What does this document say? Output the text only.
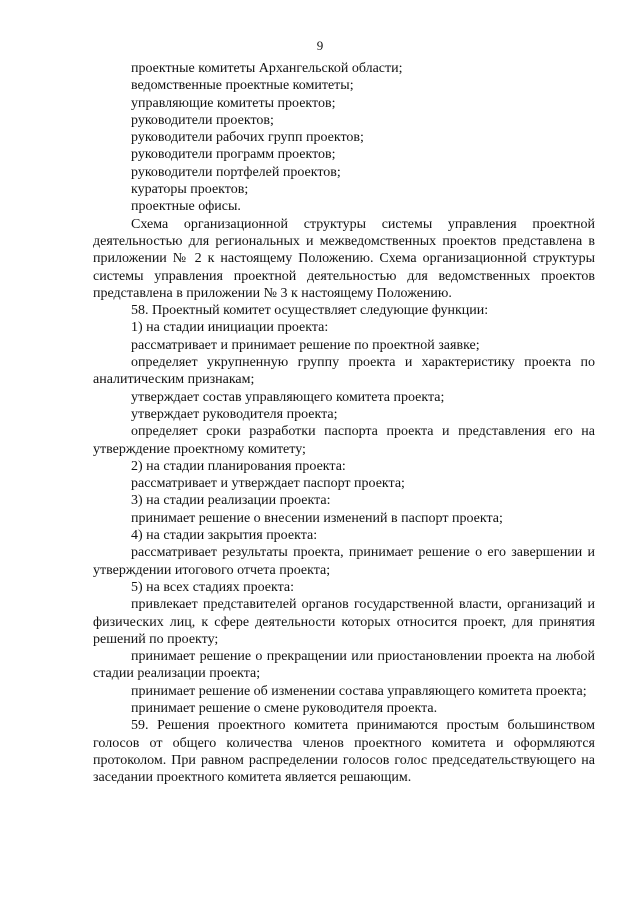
9

проектные комитеты Архангельской области;

ведомственные проектные комитеты;

управляющие комитеты проектов;

руководители проектов;

руководители рабочих групп проектов;

руководители программ проектов;

руководители портфелей проектов;

кураторы проектов;

проектные офисы.

Схема организационной структуры системы управления проектной деятельностью для региональных и межведомственных проектов представлена в приложении № 2 к настоящему Положению. Схема организационной структуры системы управления проектной деятельностью для ведомственных проектов представлена в приложении № 3 к настоящему Положению.

58. Проектный комитет осуществляет следующие функции:

1) на стадии инициации проекта:

рассматривает и принимает решение по проектной заявке;

определяет укрупненную группу проекта и характеристику проекта по аналитическим признакам;

утверждает состав управляющего комитета проекта;

утверждает руководителя проекта;

определяет сроки разработки паспорта проекта и представления его на утверждение проектному комитету;

2) на стадии планирования проекта:

рассматривает и утверждает паспорт проекта;

3) на стадии реализации проекта:

принимает решение о внесении изменений в паспорт проекта;

4) на стадии закрытия проекта:

рассматривает результаты проекта, принимает решение о его завершении и утверждении итогового отчета проекта;

5) на всех стадиях проекта:

привлекает представителей органов государственной власти, организаций и физических лиц, к сфере деятельности которых относится проект, для принятия решений по проекту;

принимает решение о прекращении или приостановлении проекта на любой стадии реализации проекта;

принимает решение об изменении состава управляющего комитета проекта;

принимает решение о смене руководителя проекта.

59. Решения проектного комитета принимаются простым большинством голосов от общего количества членов проектного комитета и оформляются протоколом. При равном распределении голосов голос председательствующего на заседании проектного комитета является решающим.
